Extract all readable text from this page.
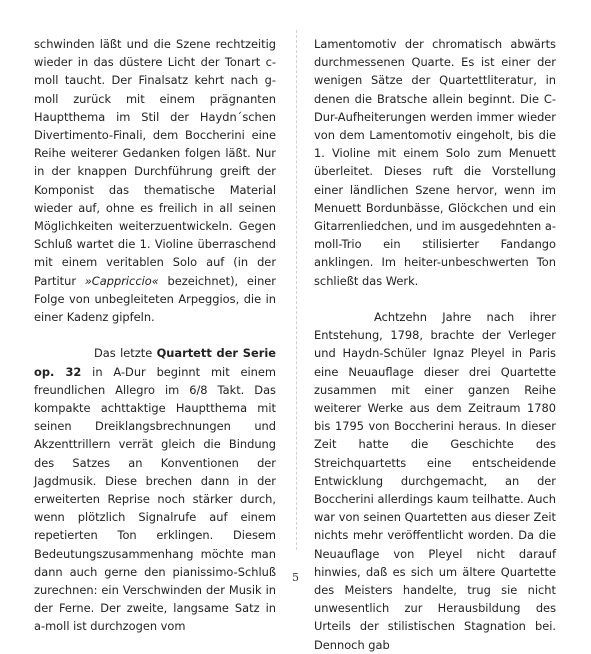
schwinden läßt und die Szene rechtzeitig wieder in das düstere Licht der Tonart c-moll taucht. Der Finalsatz kehrt nach g-moll zurück mit einem prägnanten Hauptthema im Stil der Haydn´schen Divertimento-Finali, dem Boccherini eine Reihe weiterer Gedanken folgen läßt. Nur in der knappen Durchführung greift der Komponist das thematische Material wieder auf, ohne es freilich in all seinen Möglichkeiten weiterzuentwickeln. Gegen Schluß wartet die 1. Violine überraschend mit einem veritablen Solo auf (in der Partitur »Cappriccio« bezeichnet), einer Folge von unbegleiteten Arpeggios, die in einer Kadenz gipfeln.

Das letzte Quartett der Serie op. 32 in A-Dur beginnt mit einem freundlichen Allegro im 6/8 Takt. Das kompakte achttaktige Hauptthema mit seinen Dreiklangsbrechnungen und Akzenttrillern verrät gleich die Bindung des Satzes an Konventionen der Jagdmusik. Diese brechen dann in der erweiterten Reprise noch stärker durch, wenn plötzlich Signalrufe auf einem repetierten Ton erklingen. Diesem Bedeutungszusammenhang möchte man dann auch gerne den pianissimo-Schluß zurechnen: ein Verschwinden der Musik in der Ferne. Der zweite, langsame Satz in a-moll ist durchzogen vom

Lamentomotiv der chromatisch abwärts durchmessenen Quarte. Es ist einer der wenigen Sätze der Quartettliteratur, in denen die Bratsche allein beginnt. Die C-Dur-Aufheiterungen werden immer wieder von dem Lamentomotiv eingeholt, bis die 1. Violine mit einem Solo zum Menuett überleitet. Dieses ruft die Vorstellung einer ländlichen Szene hervor, wenn im Menuett Bordunbässe, Glöckchen und ein Gitarrenliedchen, und im ausgedehnten a-moll-Trio ein stilisierter Fandango anklingen. Im heiter-unbeschwerten Ton schließt das Werk.

Achtzehn Jahre nach ihrer Entstehung, 1798, brachte der Verleger und Haydn-Schüler Ignaz Pleyel in Paris eine Neuauflage dieser drei Quartette zusammen mit einer ganzen Reihe weiterer Werke aus dem Zeitraum 1780 bis 1795 von Boccherini heraus. In dieser Zeit hatte die Geschichte des Streichquartetts eine entscheidende Entwicklung durchgemacht, an der Boccherini allerdings kaum teilhatte. Auch war von seinen Quartetten aus dieser Zeit nichts mehr veröffentlicht worden. Da die Neuauflage von Pleyel nicht darauf hinwies, daß es sich um ältere Quartette des Meisters handelte, trug sie nicht unwesentlich zur Herausbildung des Urteils der stilistischen Stagnation bei. Dennoch gab

5
